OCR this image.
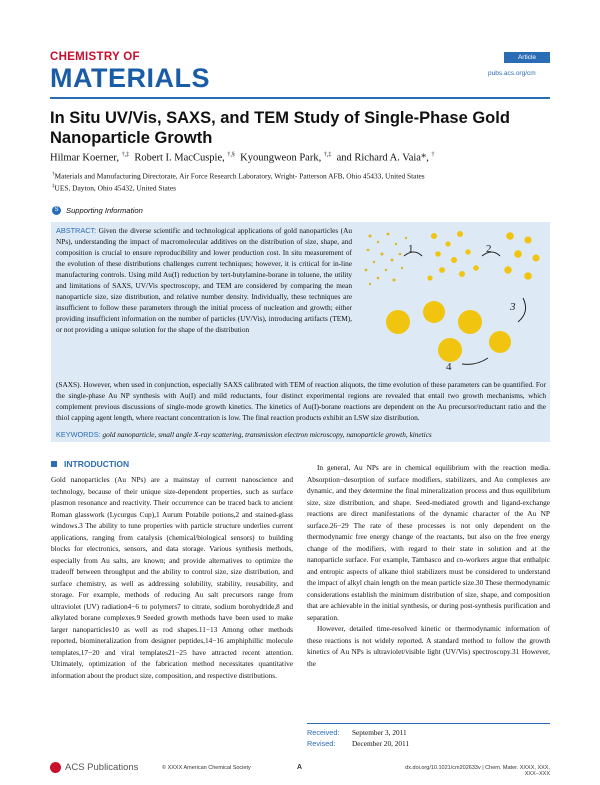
CHEMISTRY OF
MATERIALS
Article
pubs.acs.org/cm
In Situ UV/Vis, SAXS, and TEM Study of Single-Phase Gold Nanoparticle Growth
Hilmar Koerner, †,‡ Robert I. MacCuspie, †,§ Kyoungweon Park, †,‡ and Richard A. Vaia*, †
†Materials and Manufacturing Directorate, Air Force Research Laboratory, Wright- Patterson AFB, Ohio 45433, United States
‡UES, Dayton, Ohio 45432, United States
S Supporting Information

ABSTRACT: Given the diverse scientific and technological applications of gold nanoparticles (Au NPs), understanding the impact of macromolecular additives on the distribution of size, shape, and composition is crucial to ensure reproducibility and lower production cost. In situ measurement of the evolution of these distributions challenges current techniques; however, it is critical for in-line manufacturing controls. Using mild Au(I) reduction by tert-butylamine-borane in toluene, the utility and limitations of SAXS, UV/Vis spectroscopy, and TEM are considered by comparing the mean nanoparticle size, size distribution, and relative number density. Individually, these techniques are insufficient to follow these parameters through the initial process of nucleation and growth; either providing insufficient information on the number of particles (UV/Vis), introducing artifacts (TEM), or not providing a unique solution for the shape of the distribution

(SAXS). However, when used in conjunction, especially SAXS calibrated with TEM of reaction aliquots, the time evolution of these parameters can be quantified. For the single-phase Au NP synthesis with Au(I) and mild reductants, four distinct experimental regions are revealed that entail two growth mechanisms, which complement previous discussions of single-mode growth kinetics. The kinetics of Au(I)-borane reactions are dependent on the Au precursor/reductant ratio and the thiol capping agent length, where reactant concentration is low. The final reaction products exhibit an LSW size distribution.

KEYWORDS: gold nanoparticle, small angle X-ray scattering, transmission electron microscopy, nanoparticle growth, kinetics
1	2
3
4
INTRODUCTION

Gold nanoparticles (Au NPs) are a mainstay of current nanoscience and technology, because of their unique size-dependent properties, such as surface plasmon resonance and reactivity. Their occurrence can be traced back to ancient Roman glasswork (Lycurgus Cup),1 Aurum Potabile potions,2 and stained-glass windows.3 The ability to tune properties with particle structure underlies current applications, ranging from catalysis (chemical/biological sensors) to building blocks for electronics, sensors, and data storage. Various synthesis methods, especially from Au salts, are known; and provide alternatives to optimize the tradeoff between throughput and the ability to control size, size distribution, and surface chemistry, as well as addressing solubility, stability, reusability, and storage. For example, methods of reducing Au salt precursors range from ultraviolet (UV) radiation4−6 to polymers7 to citrate, sodium borohydride,8 and alkylated borane complexes.9 Seeded growth methods have been used to make larger nanoparticles10 as well as rod shapes.11−13 Among other methods reported, biomineralization from designer peptides,14−16 amphiphillic molecule templates,17−20 and viral templates21−25 have attracted recent attention. Ultimately, optimization of the fabrication method necessitates quantitative information about the product size, composition, and respective distributions.

In general, Au NPs are in chemical equilibrium with the reaction media. Absorption−desorption of surface modifiers, stabilizers, and Au complexes are dynamic, and they determine the final mineralization process and thus equilibrium size, size distribution, and shape. Seed-mediated growth and ligand-exchange reactions are direct manifestations of the dynamic character of the Au NP surface.26−29 The rate of these processes is not only dependent on the thermodynamic free energy change of the reactants, but also on the free energy change of the modifiers, with regard to their state in solution and at the nanoparticle surface. For example, Tambasco and co-workers argue that enthalpic and entropic aspects of alkane thiol stabilizers must be considered to understand the impact of alkyl chain length on the mean particle size.30 These thermodynamic considerations establish the minimum distribution of size, shape, and composition that are achievable in the initial synthesis, or during post-synthesis purification and separation.

However, detailed time-resolved kinetic or thermodynamic information of these reactions is not widely reported. A standard method to follow the growth kinetics of Au NPs is ultraviolet/visible light (UV/Vis) spectroscopy.31 However, the

Received:	September 3, 2011
Revised:	December 20, 2011
ACS Publications	© XXXX American Chemical Society	A	dx.doi.org/10.1021/cm202633v | Chem. Mater. XXXX, XXX, XXX−XXX
